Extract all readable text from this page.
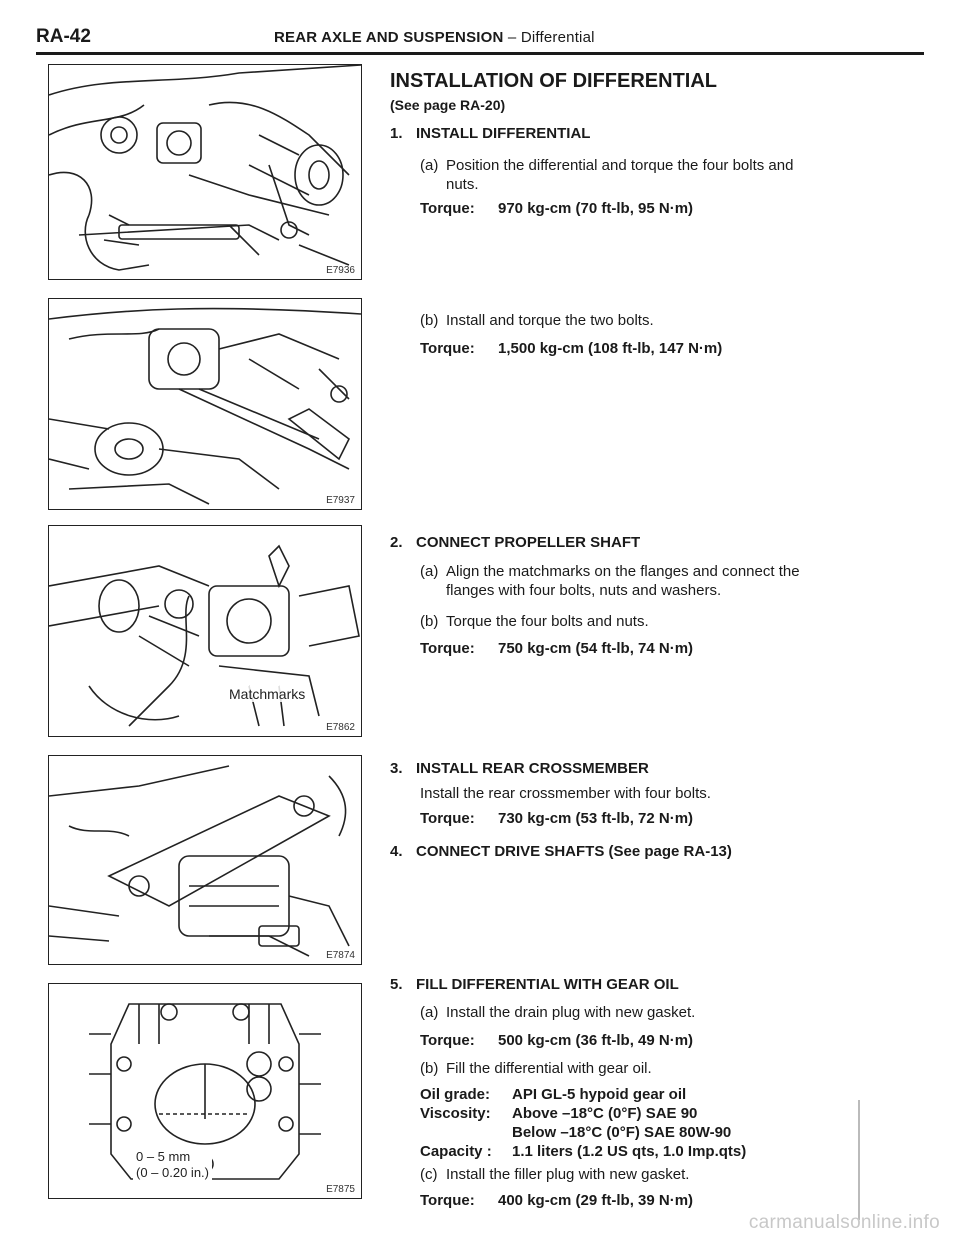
RA-42	REAR AXLE AND SUSPENSION – Differential
E7936
E7937
Matchmarks
E7862
E7874
0 – 5 mm
(0 – 0.20 in.)
E7875
INSTALLATION OF DIFFERENTIAL
(See page RA-20)
1. INSTALL DIFFERENTIAL
(a) Position the differential and torque the four bolts and
nuts.
Torque: 970 kg-cm (70 ft-lb, 95 N·m)
(b) Install and torque the two bolts.
Torque: 1,500 kg-cm (108 ft-lb, 147 N·m)
2. CONNECT PROPELLER SHAFT
(a) Align the matchmarks on the flanges and connect the
flanges with four bolts, nuts and washers.
(b) Torque the four bolts and nuts.
Torque: 750 kg-cm (54 ft-lb, 74 N·m)
3. INSTALL REAR CROSSMEMBER
Install the rear crossmember with four bolts.
Torque: 730 kg-cm (53 ft-lb, 72 N·m)
4. CONNECT DRIVE SHAFTS (See page RA-13)
5. FILL DIFFERENTIAL WITH GEAR OIL
(a) Install the drain plug with new gasket.
Torque: 500 kg-cm (36 ft-lb, 49 N·m)
(b) Fill the differential with gear oil.
Oil grade:	API GL-5 hypoid gear oil
Viscosity:	Above –18°C (0°F) SAE 90
	Below –18°C (0°F) SAE 80W-90
Capacity :	1.1 liters (1.2 US qts, 1.0 Imp.qts)
(c) Install the filler plug with new gasket.
Torque: 400 kg-cm (29 ft-lb, 39 N·m)
carmanualsonline.info
